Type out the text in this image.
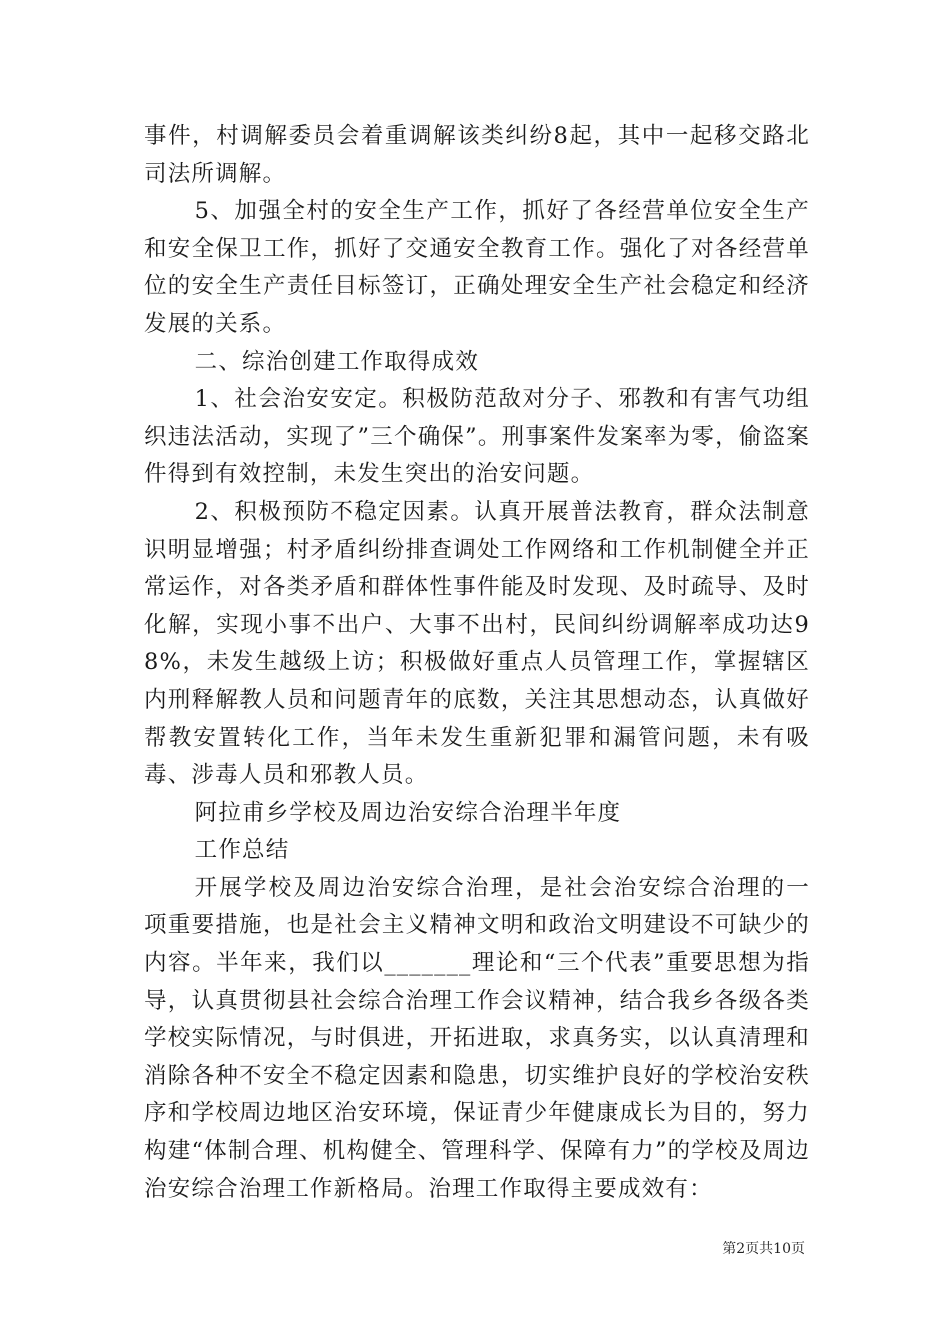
事件，村调解委员会着重调解该类纠纷8起，其中一起移交路北司法所调解。

5、加强全村的安全生产工作，抓好了各经营单位安全生产和安全保卫工作，抓好了交通安全教育工作。强化了对各经营单位的安全生产责任目标签订，正确处理安全生产社会稳定和经济发展的关系。

二、综治创建工作取得成效

1、社会治安安定。积极防范敌对分子、邪教和有害气功组织违法活动，实现了”三个确保”。刑事案件发案率为零，偷盗案件得到有效控制，未发生突出的治安问题。

2、积极预防不稳定因素。认真开展普法教育，群众法制意识明显增强；村矛盾纠纷排查调处工作网络和工作机制健全并正常运作，对各类矛盾和群体性事件能及时发现、及时疏导、及时化解，实现小事不出户、大事不出村，民间纠纷调解率成功达98%，未发生越级上访；积极做好重点人员管理工作，掌握辖区内刑释解教人员和问题青年的底数，关注其思想动态，认真做好帮教安置转化工作，当年未发生重新犯罪和漏管问题，未有吸毒、涉毒人员和邪教人员。

阿拉甫乡学校及周边治安综合治理半年度

工作总结

开展学校及周边治安综合治理，是社会治安综合治理的一项重要措施，也是社会主义精神文明和政治文明建设不可缺少的内容。半年来，我们以_______理论和“三个代表”重要思想为指导，认真贯彻县社会综合治理工作会议精神，结合我乡各级各类学校实际情况，与时俱进，开拓进取，求真务实，以认真清理和消除各种不安全不稳定因素和隐患，切实维护良好的学校治安秩序和学校周边地区治安环境，保证青少年健康成长为目的，努力构建“体制合理、机构健全、管理科学、保障有力”的学校及周边治安综合治理工作新格局。治理工作取得主要成效有：

第2页共10页
